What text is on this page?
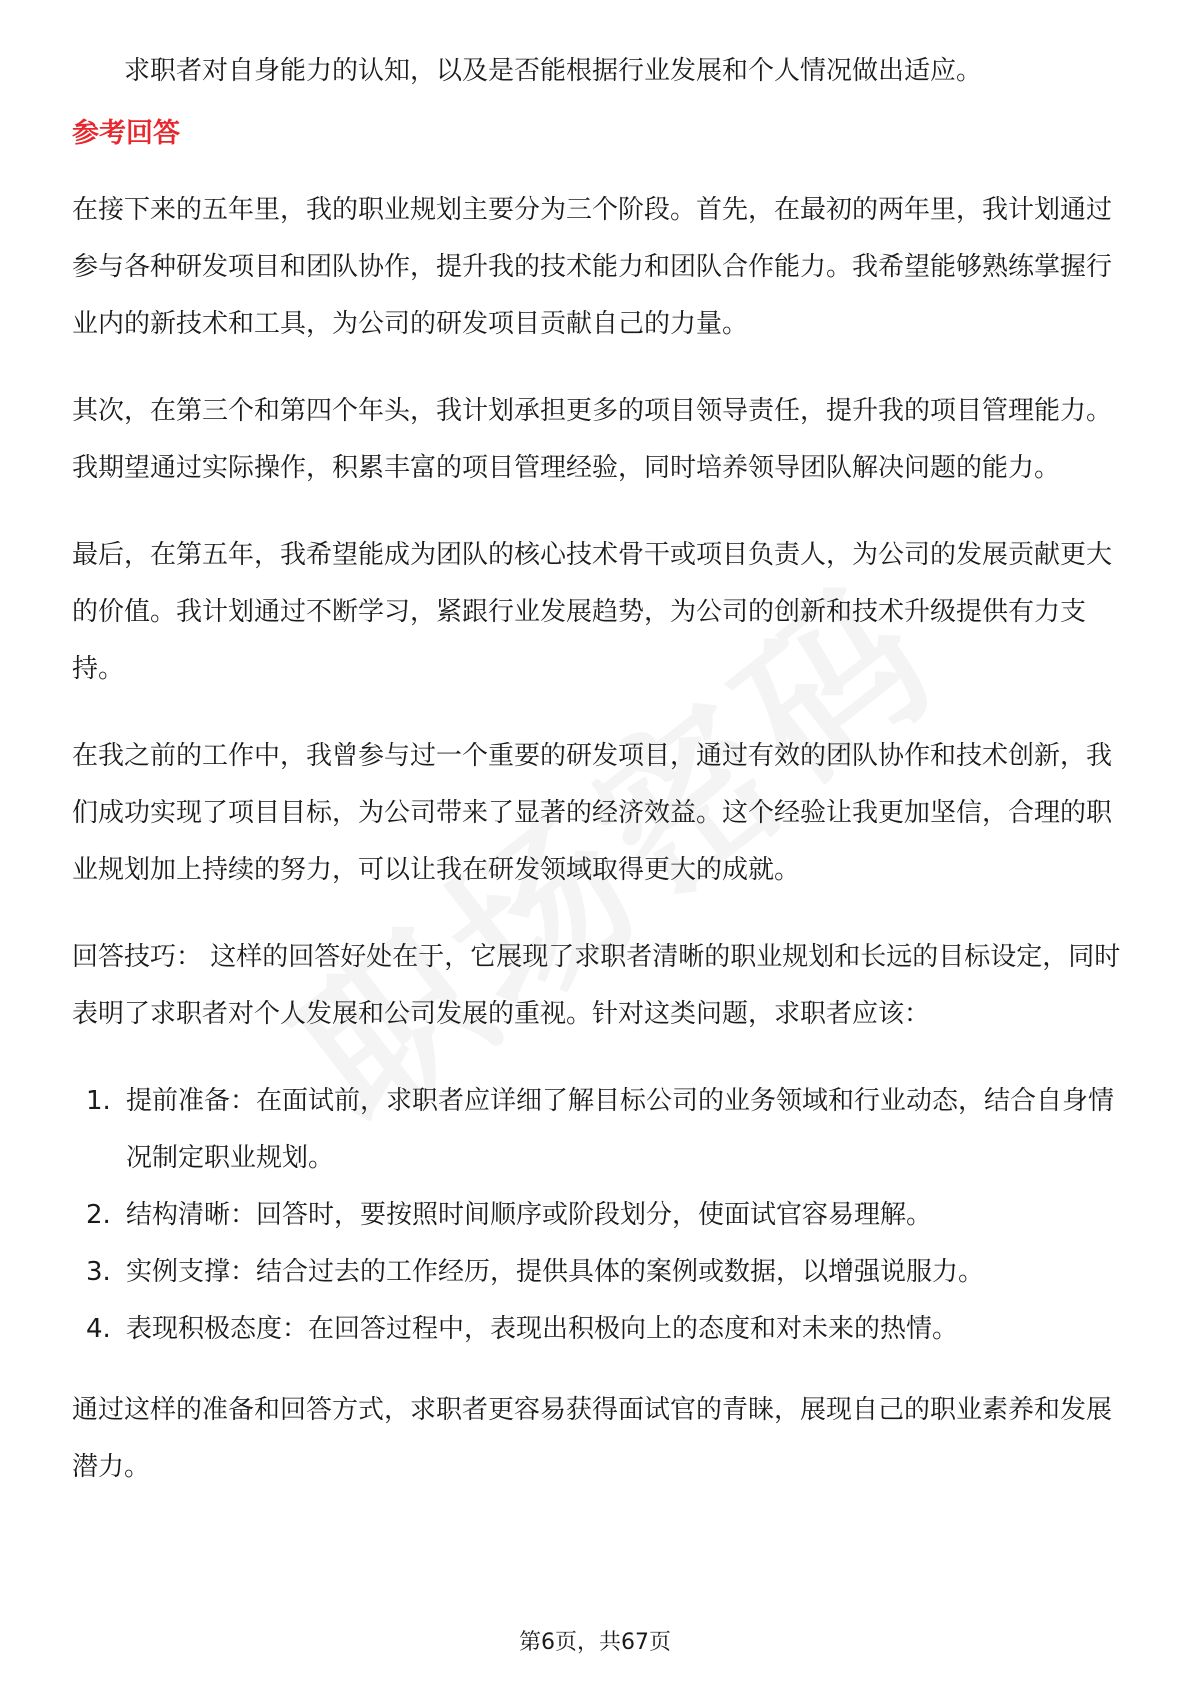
求职者对自身能力的认知，以及是否能根据行业发展和个人情况做出适应。

参考回答

在接下来的五年里，我的职业规划主要分为三个阶段。首先，在最初的两年里，我计划通过参与各种研发项目和团队协作，提升我的技术能力和团队合作能力。我希望能够熟练掌握行业内的新技术和工具，为公司的研发项目贡献自己的力量。

其次，在第三个和第四个年头，我计划承担更多的项目领导责任，提升我的项目管理能力。我期望通过实际操作，积累丰富的项目管理经验，同时培养领导团队解决问题的能力。

最后，在第五年，我希望能成为团队的核心技术骨干或项目负责人，为公司的发展贡献更大的价值。我计划通过不断学习，紧跟行业发展趋势，为公司的创新和技术升级提供有力支持。

在我之前的工作中，我曾参与过一个重要的研发项目，通过有效的团队协作和技术创新，我们成功实现了项目目标，为公司带来了显著的经济效益。这个经验让我更加坚信，合理的职业规划加上持续的努力，可以让我在研发领域取得更大的成就。

回答技巧： 这样的回答好处在于，它展现了求职者清晰的职业规划和长远的目标设定，同时表明了求职者对个人发展和公司发展的重视。针对这类问题，求职者应该：

1. 提前准备：在面试前，求职者应详细了解目标公司的业务领域和行业动态，结合自身情况制定职业规划。
2. 结构清晰：回答时，要按照时间顺序或阶段划分，使面试官容易理解。
3. 实例支撑：结合过去的工作经历，提供具体的案例或数据，以增强说服力。
4. 表现积极态度：在回答过程中，表现出积极向上的态度和对未来的热情。

通过这样的准备和回答方式，求职者更容易获得面试官的青睐，展现自己的职业素养和发展潜力。

第6页，共67页
